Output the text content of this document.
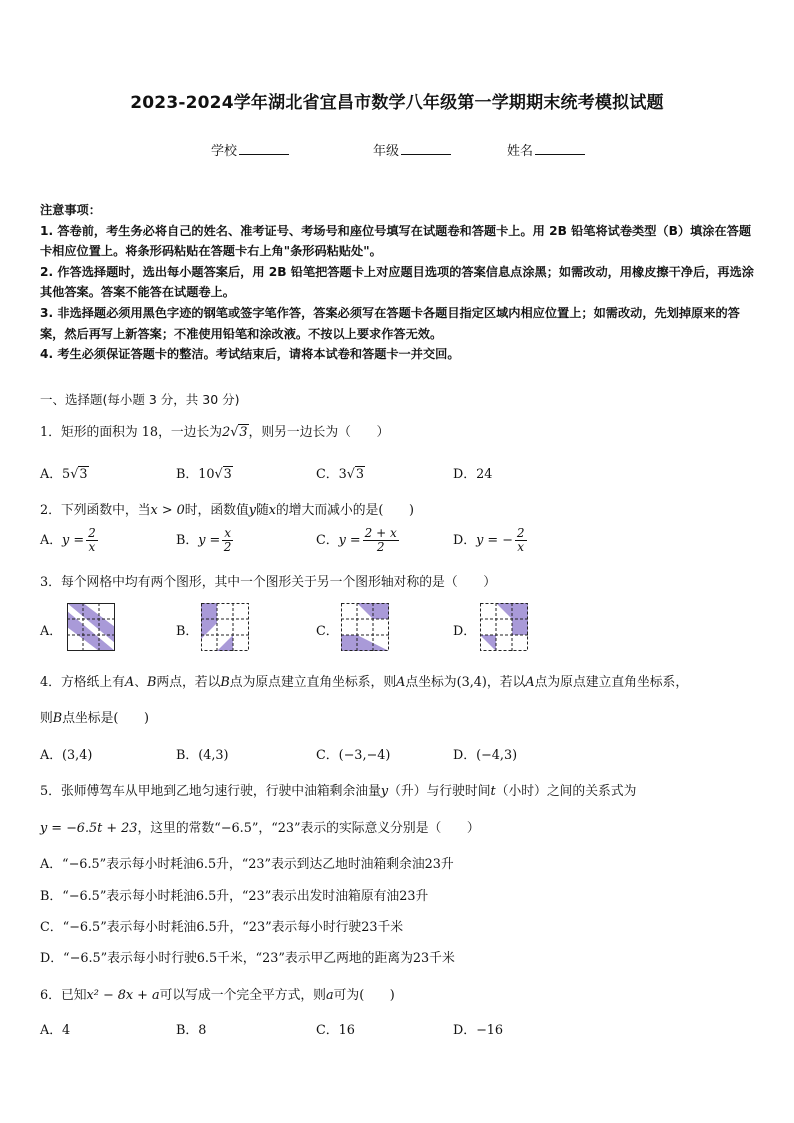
2023-2024学年湖北省宜昌市数学八年级第一学期期末统考模拟试题
学校	年级	姓名

注意事项：

1. 答卷前，考生务必将自己的姓名、准考证号、考场号和座位号填写在试题卷和答题卡上。用 2B 铅笔将试卷类型（B）填涂在答题卡相应位置上。将条形码粘贴在答题卡右上角"条形码粘贴处"。

2. 作答选择题时，选出每小题答案后，用 2B 铅笔把答题卡上对应题目选项的答案信息点涂黑；如需改动，用橡皮擦干净后，再选涂其他答案。答案不能答在试题卷上。

3. 非选择题必须用黑色字迹的钢笔或签字笔作答，答案必须写在答题卡各题目指定区域内相应位置上；如需改动，先划掉原来的答案，然后再写上新答案；不准使用铅笔和涂改液。不按以上要求作答无效。

4. 考生必须保证答题卡的整洁。考试结束后，请将本试卷和答题卡一并交回。

一、选择题(每小题 3 分，共 30 分)
1．矩形的面积为 18，一边长为2√3，则另一边长为（　　）
A．5√3	B．10√3	C．3√3	D．24
2．下列函数中，当x > 0时，函数值y随x的增大而减小的是(　　)
A．$y = \frac{2}{x}$	B．$y = \frac{x}{2}$	C．$y = \frac{2 + x}{2}$	D．y = − $\frac{2}{x}$
3．每个网格中均有两个图形，其中一个图形关于另一个图形轴对称的是（　　）
A．	B．	C．	D．
4．方格纸上有A、B两点，若以B点为原点建立直角坐标系，则A点坐标为(3,4)，若以A点为原点建立直角坐标系，
则B点坐标是(　　)
A．(3,4)	B．(4,3)	C．(−3,−4)	D．(−4,3)
5．张师傅驾车从甲地到乙地匀速行驶，行驶中油箱剩余油量y（升）与行驶时间t（小时）之间的关系式为
y = −6.5t + 23，这里的常数“−6.5”，“23”表示的实际意义分别是（　　）
A．“−6.5”表示每小时耗油6.5升，“23”表示到达乙地时油箱剩余油23升
B．“−6.5”表示每小时耗油6.5升，“23”表示出发时油箱原有油23升
C．“−6.5”表示每小时耗油6.5升，“23”表示每小时行驶23千米
D．“−6.5”表示每小时行驶6.5千米，“23”表示甲乙两地的距离为23千米
6．已知x² − 8x + a可以写成一个完全平方式，则a可为(　　)
A．4	B．8	C．16	D．−16
